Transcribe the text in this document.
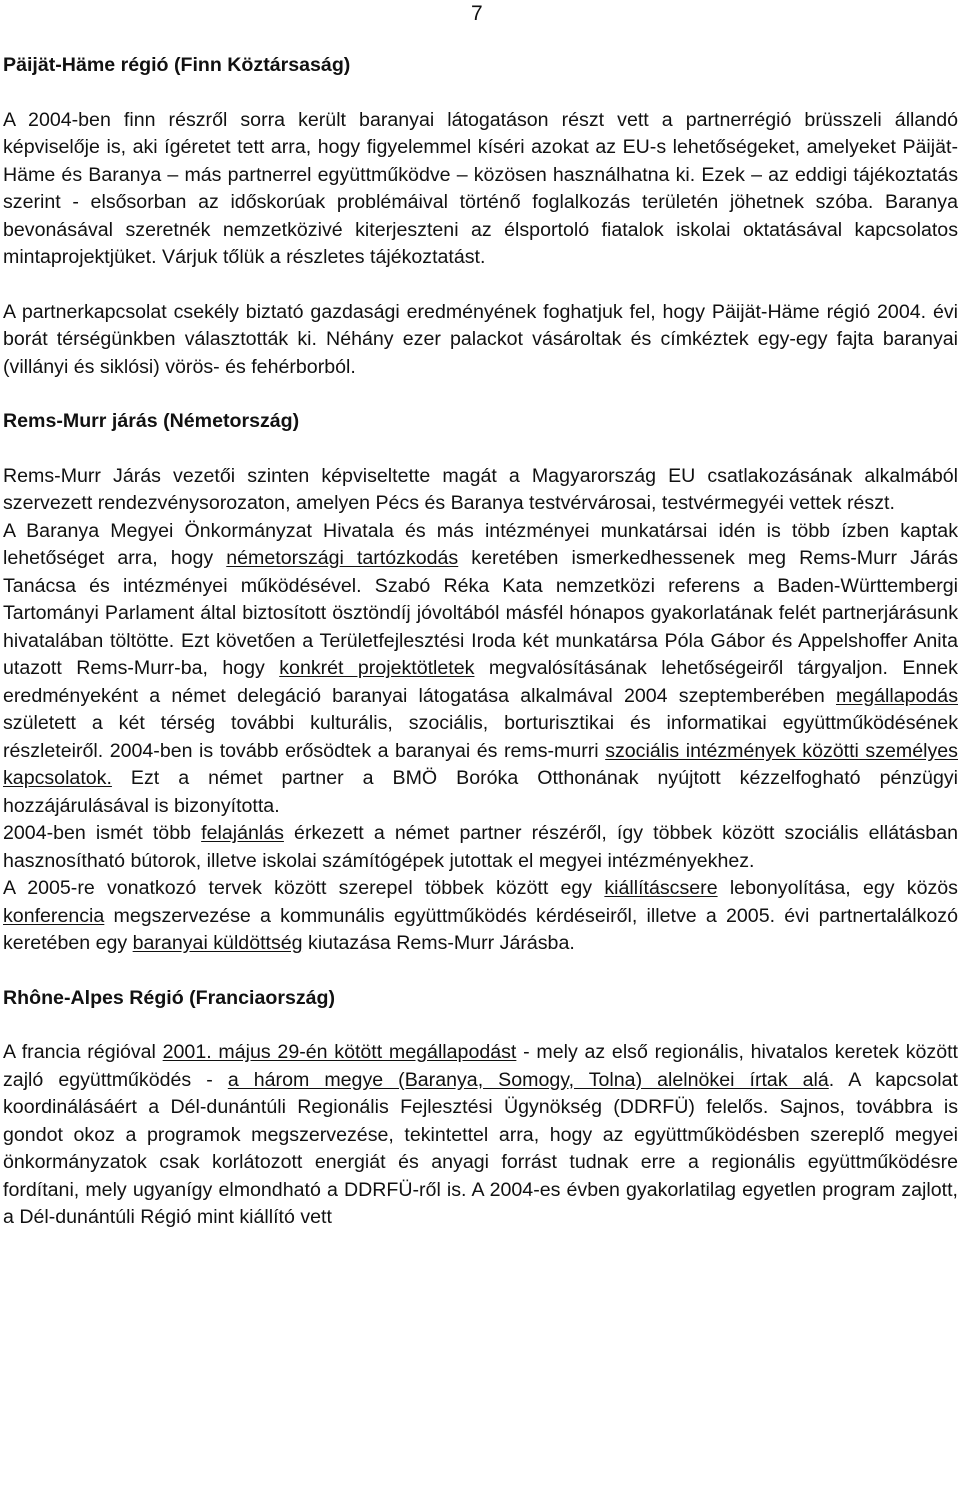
7
Päijät-Häme régió (Finn Köztársaság)

A 2004-ben finn részről sorra került baranyai látogatáson részt vett a partnerrégió brüsszeli állandó képviselője is, aki ígéretet tett arra, hogy figyelemmel kíséri azokat az EU-s lehetőségeket, amelyeket Päijät-Häme és Baranya – más partnerrel együttműködve – közösen használhatna ki. Ezek – az eddigi tájékoztatás szerint - elsősorban az időskorúak problémáival történő foglalkozás területén jöhetnek szóba. Baranya bevonásával szeretnék nemzetközivé kiterjeszteni az élsportoló fiatalok iskolai oktatásával kapcsolatos mintaprojektjüket. Várjuk tőlük a részletes tájékoztatást.

A partnerkapcsolat csekély biztató gazdasági eredményének foghatjuk fel, hogy Päijät-Häme régió 2004. évi borát térségünkben választották ki. Néhány ezer palackot vásároltak és címkéztek egy-egy fajta baranyai (villányi és siklósi) vörös- és fehérborból.

Rems-Murr járás (Németország)

Rems-Murr Járás vezetői szinten képviseltette magát a Magyarország EU csatlakozásának alkalmából szervezett rendezvénysorozaton, amelyen Pécs és Baranya testvérvárosai, testvérmegyéi vettek részt.

A Baranya Megyei Önkormányzat Hivatala és más intézményei munkatársai idén is több ízben kaptak lehetőséget arra, hogy németországi tartózkodás keretében ismerkedhessenek meg Rems-Murr Járás Tanácsa és intézményei működésével. Szabó Réka Kata nemzetközi referens a Baden-Württembergi Tartományi Parlament által biztosított ösztöndíj jóvoltából másfél hónapos gyakorlatának felét partnerjárásunk hivatalában töltötte. Ezt követően a Területfejlesztési Iroda két munkatársa Póla Gábor és Appelshoffer Anita utazott Rems-Murr-ba, hogy konkrét projektötletek megvalósításának lehetőségeiről tárgyaljon. Ennek eredményeként a német delegáció baranyai látogatása alkalmával 2004 szeptemberében megállapodás született a két térség további kulturális, szociális, borturisztikai és informatikai együttműködésének részleteiről. 2004-ben is tovább erősödtek a baranyai és rems-murri szociális intézmények közötti személyes kapcsolatok. Ezt a német partner a BMÖ Boróka Otthonának nyújtott kézzelfogható pénzügyi hozzájárulásával is bizonyította.

2004-ben ismét több felajánlás érkezett a német partner részéről, így többek között szociális ellátásban hasznosítható bútorok, illetve iskolai számítógépek jutottak el megyei intézményekhez.

A 2005-re vonatkozó tervek között szerepel többek között egy kiállításcsere lebonyolítása, egy közös konferencia megszervezése a kommunális együttműködés kérdéseiről, illetve a 2005. évi partnertalálkozó keretében egy baranyai küldöttség kiutazása Rems-Murr Járásba.

Rhône-Alpes Régió (Franciaország)

A francia régióval 2001. május 29-én kötött megállapodást - mely az első regionális, hivatalos keretek között zajló együttműködés - a három megye (Baranya, Somogy, Tolna) alelnökei írtak alá. A kapcsolat koordinálásáért a Dél-dunántúli Regionális Fejlesztési Ügynökség (DDRFÜ) felelős. Sajnos, továbbra is gondot okoz a programok megszervezése, tekintettel arra, hogy az együttműködésben szereplő megyei önkormányzatok csak korlátozott energiát és anyagi forrást tudnak erre a regionális együttműködésre fordítani, mely ugyanígy elmondható a DDRFÜ-ről is. A 2004-es évben gyakorlatilag egyetlen program zajlott, a Dél-dunántúli Régió mint kiállító vett
